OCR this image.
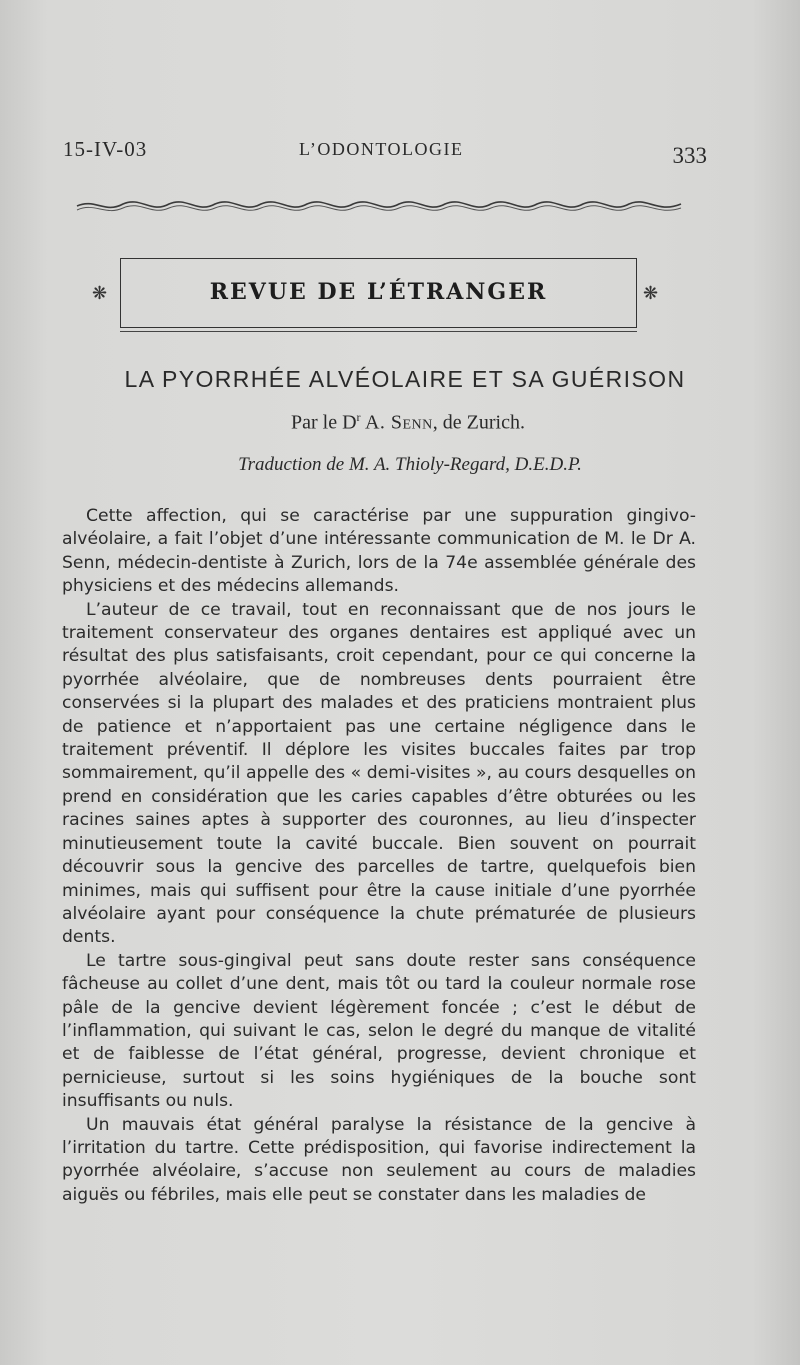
15-IV-03	L’ODONTOLOGIE	333
❋	REVUE DE L’ÉTRANGER	❋
LA PYORRHÉE ALVÉOLAIRE ET SA GUÉRISON
Par le $D^r$ A. Senn, de Zurich.
Traduction de M. A. Thioly-Regard, D.E.D.P.

Cette affection, qui se caractérise par une suppuration gingivo-alvéolaire, a fait l’objet d’une intéressante communication de M. le Dr A. Senn, médecin-dentiste à Zurich, lors de la 74e assemblée générale des physiciens et des médecins allemands.

L’auteur de ce travail, tout en reconnaissant que de nos jours le traitement conservateur des organes dentaires est appliqué avec un résultat des plus satisfaisants, croit cependant, pour ce qui concerne la pyorrhée alvéolaire, que de nombreuses dents pourraient être conservées si la plupart des malades et des praticiens montraient plus de patience et n’apportaient pas une certaine négligence dans le traitement préventif. Il déplore les visites buccales faites par trop sommairement, qu’il appelle des « demi-visites », au cours desquelles on prend en considération que les caries capables d’être obturées ou les racines saines aptes à supporter des couronnes, au lieu d’inspecter minutieusement toute la cavité buccale. Bien souvent on pourrait découvrir sous la gencive des parcelles de tartre, quelquefois bien minimes, mais qui suffisent pour être la cause initiale d’une pyorrhée alvéolaire ayant pour conséquence la chute prématurée de plusieurs dents.

Le tartre sous-gingival peut sans doute rester sans conséquence fâcheuse au collet d’une dent, mais tôt ou tard la couleur normale rose pâle de la gencive devient légèrement foncée ; c’est le début de l’inflammation, qui suivant le cas, selon le degré du manque de vitalité et de faiblesse de l’état général, progresse, devient chronique et pernicieuse, surtout si les soins hygiéniques de la bouche sont insuffisants ou nuls.

Un mauvais état général paralyse la résistance de la gencive à l’irritation du tartre. Cette prédisposition, qui favorise indirectement la pyorrhée alvéolaire, s’accuse non seulement au cours de maladies aiguës ou fébriles, mais elle peut se constater dans les maladies de
